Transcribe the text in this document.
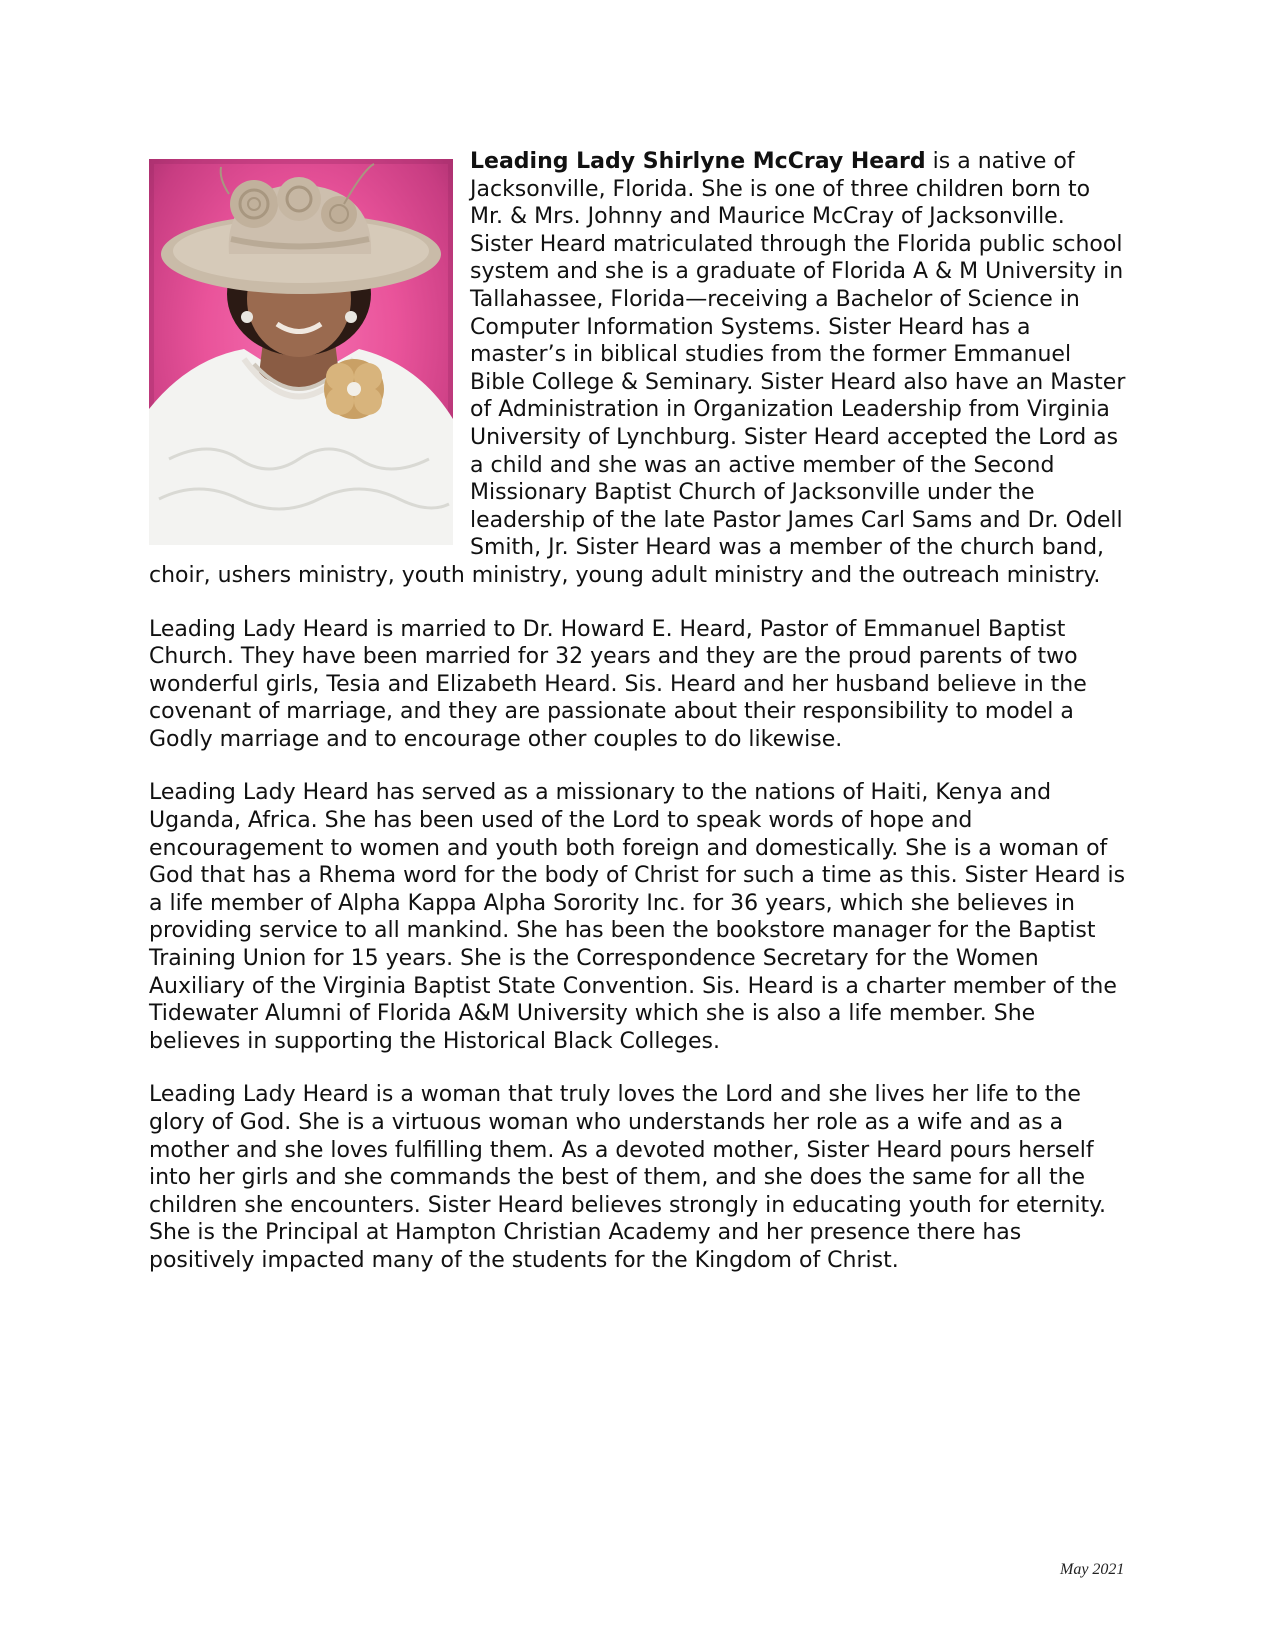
Leading Lady Shirlyne McCray Heard is a native of Jacksonville, Florida. She is one of three children born to Mr. & Mrs. Johnny and Maurice McCray of Jacksonville. Sister Heard matriculated through the Florida public school system and she is a graduate of Florida A & M University in Tallahassee, Florida—receiving a Bachelor of Science in Computer Information Systems. Sister Heard has a master’s in biblical studies from the former Emmanuel Bible College & Seminary. Sister Heard also have an Master of Administration in Organization Leadership from Virginia University of Lynchburg. Sister Heard accepted the Lord as a child and she was an active member of the Second Missionary Baptist Church of Jacksonville under the leadership of the late Pastor James Carl Sams and Dr. Odell Smith, Jr. Sister Heard was a member of the church band, choir, ushers ministry, youth ministry, young adult ministry and the outreach ministry.

Leading Lady Heard is married to Dr. Howard E. Heard, Pastor of Emmanuel Baptist Church. They have been married for 32 years and they are the proud parents of two wonderful girls, Tesia and Elizabeth Heard. Sis. Heard and her husband believe in the covenant of marriage, and they are passionate about their responsibility to model a Godly marriage and to encourage other couples to do likewise.

Leading Lady Heard has served as a missionary to the nations of Haiti, Kenya and Uganda, Africa. She has been used of the Lord to speak words of hope and encouragement to women and youth both foreign and domestically. She is a woman of God that has a Rhema word for the body of Christ for such a time as this. Sister Heard is a life member of Alpha Kappa Alpha Sorority Inc. for 36 years, which she believes in providing service to all mankind. She has been the bookstore manager for the Baptist Training Union for 15 years. She is the Correspondence Secretary for the Women Auxiliary of the Virginia Baptist State Convention. Sis. Heard is a charter member of the Tidewater Alumni of Florida A&M University which she is also a life member. She believes in supporting the Historical Black Colleges.

Leading Lady Heard is a woman that truly loves the Lord and she lives her life to the glory of God. She is a virtuous woman who understands her role as a wife and as a mother and she loves fulfilling them. As a devoted mother, Sister Heard pours herself into her girls and she commands the best of them, and she does the same for all the children she encounters. Sister Heard believes strongly in educating youth for eternity. She is the Principal at Hampton Christian Academy and her presence there has positively impacted many of the students for the Kingdom of Christ.

May 2021
